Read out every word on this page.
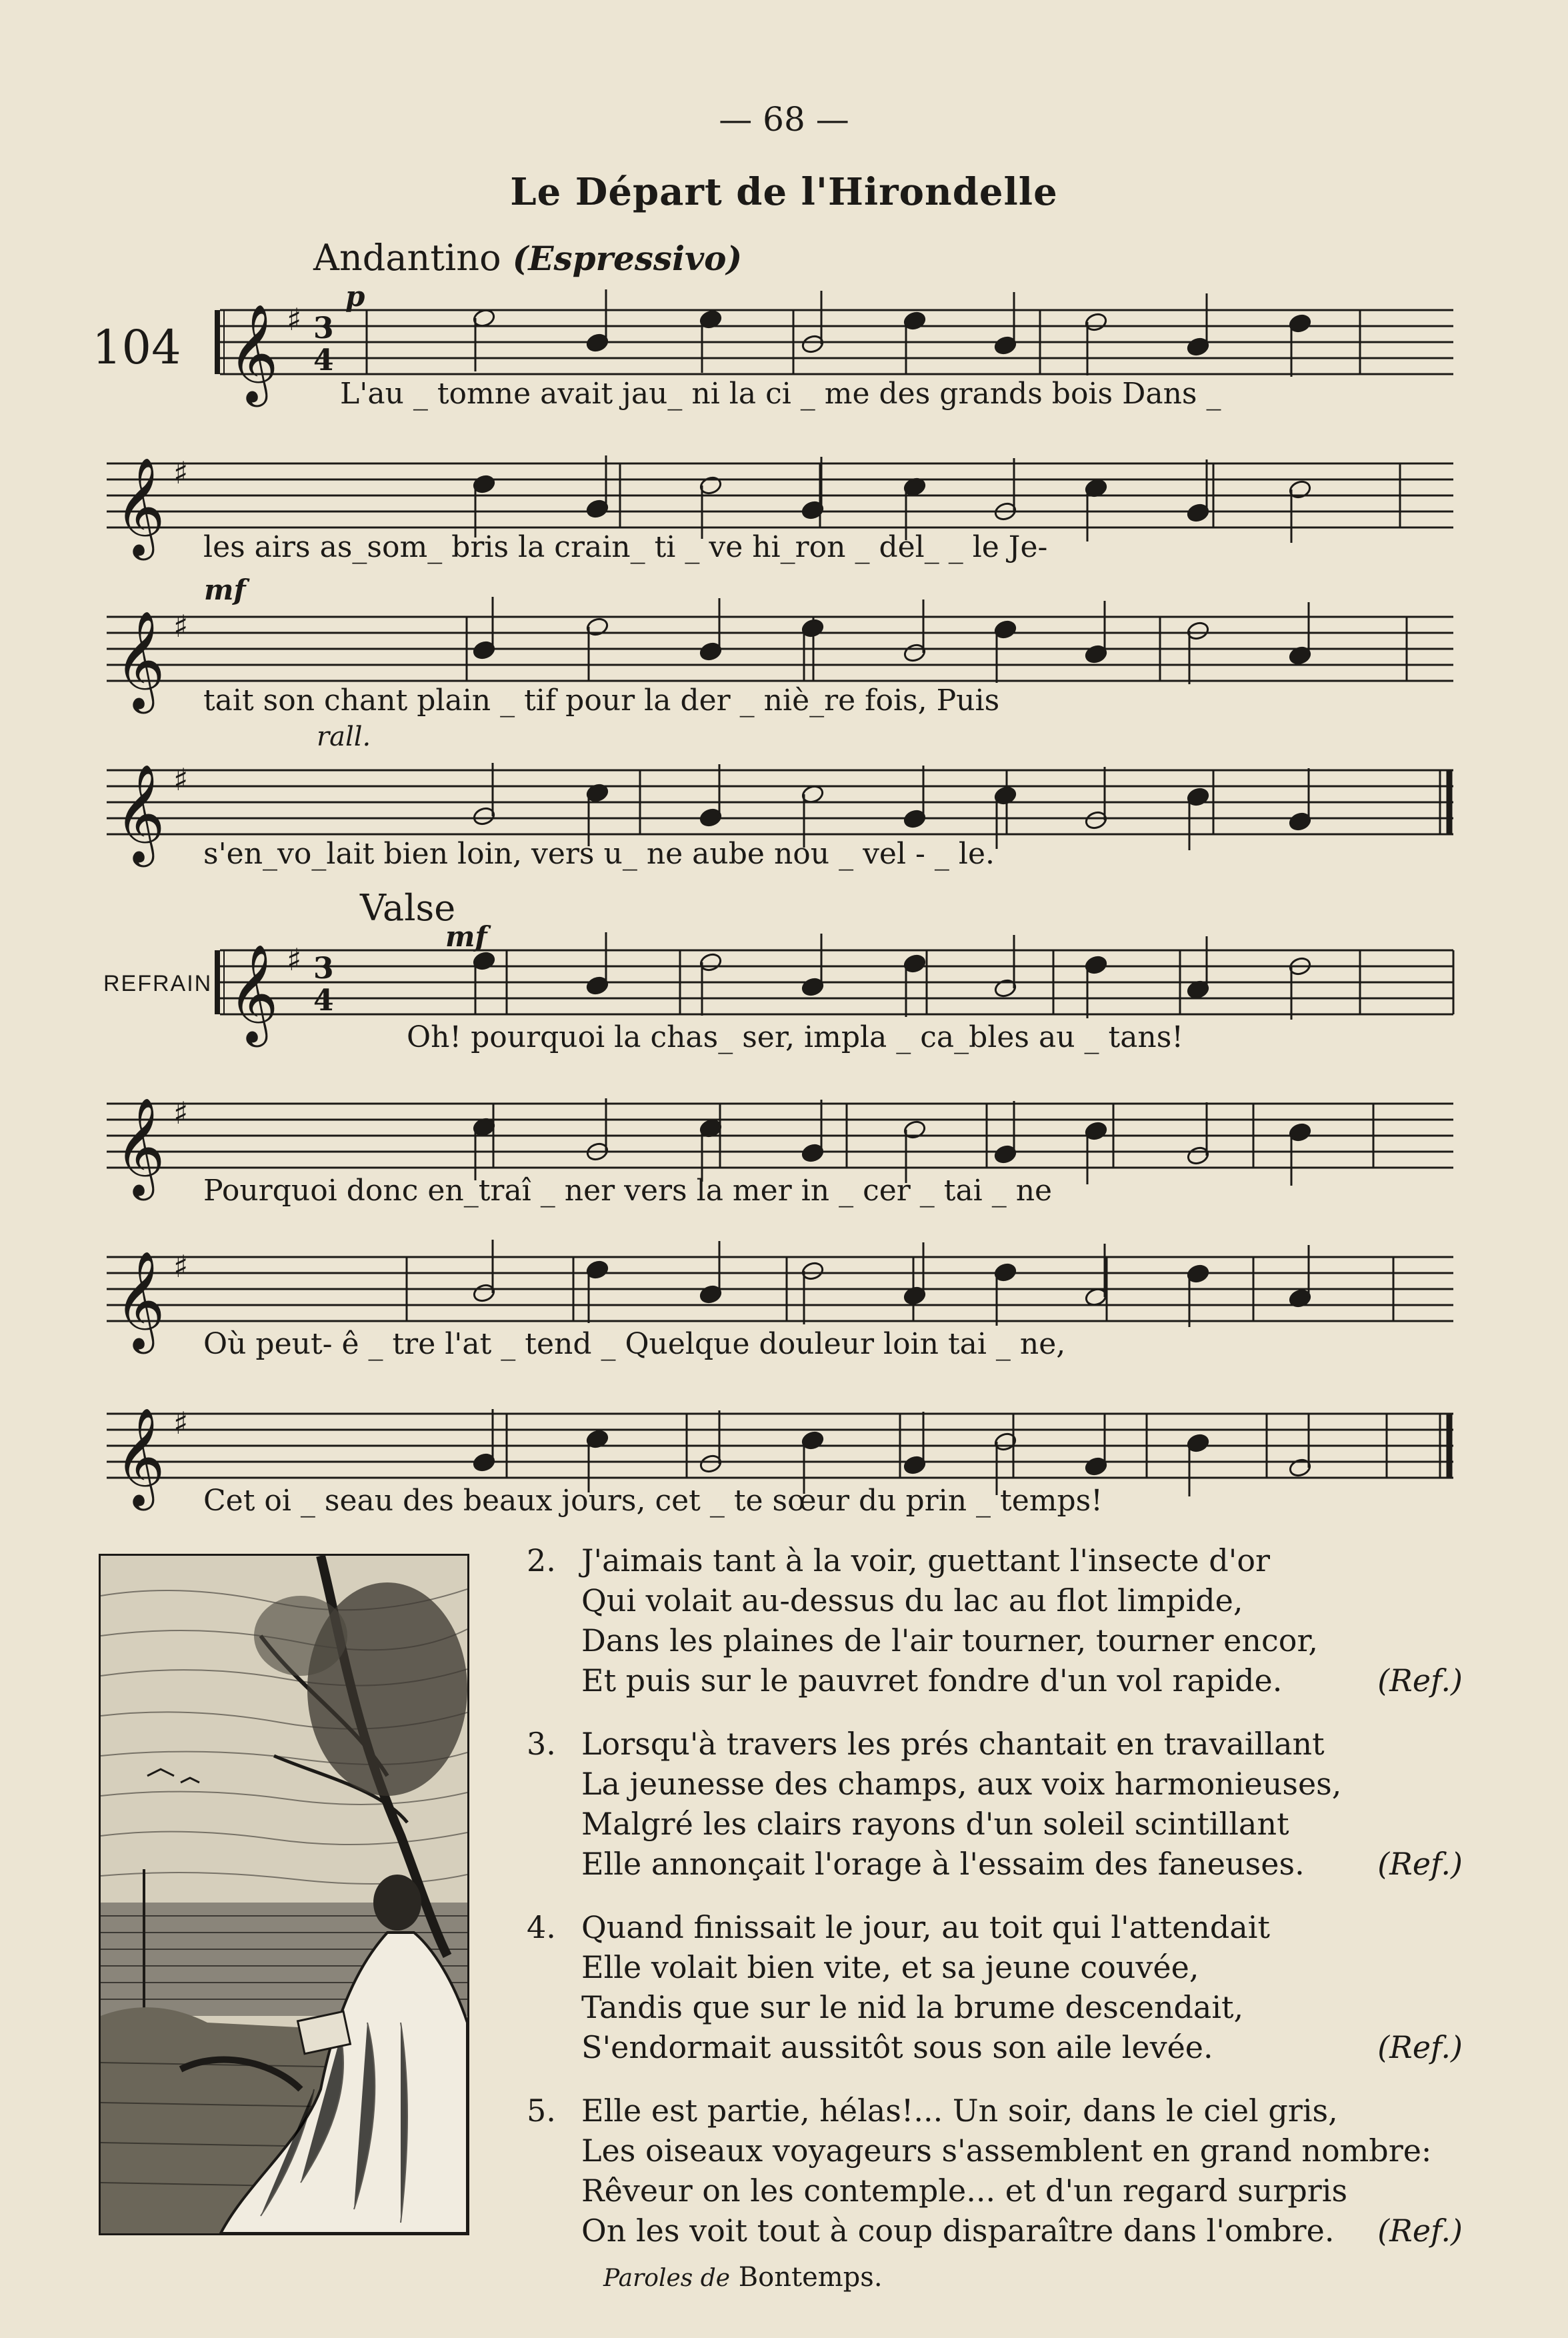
— 68 —
Le Départ de l'Hirondelle
Andantino (Espressivo)
104
p
mf
rall.
Valse
REFRAIN
mf
𝄞 ♯ 3
4
L'au _ tomne avait jau_ ni la ci _ me des grands bois Dans _
𝄞 ♯
les airs as_som_ bris la crain_ ti _ ve hi_ron _ del_ _ le Je-
𝄞 ♯
tait son chant plain _ tif pour la der _ niè_re fois, Puis
𝄞 ♯
s'en_vo_lait bien loin, vers u_ ne aube nou _ vel - _ le.
𝄞 ♯ 3
4
Oh! pourquoi la chas_ ser, impla _ ca_bles au _ tans!
𝄞 ♯
Pourquoi donc en_traî _ ner vers la mer in _ cer _ tai _ ne
𝄞 ♯
Où peut- ê _ tre l'at _ tend _ Quelque douleur loin tai _ ne,
𝄞 ♯
Cet oi _ seau des beaux jours, cet _ te sœur du prin _ temps!
2. J'aimais tant à la voir, guettant l'insecte d'or
Qui volait au-dessus du lac au flot limpide,
Dans les plaines de l'air tourner, tourner encor,
Et puis sur le pauvret fondre d'un vol rapide.	(Ref.)
3. Lorsqu'à travers les prés chantait en travaillant
La jeunesse des champs, aux voix harmonieuses,
Malgré les clairs rayons d'un soleil scintillant
Elle annonçait l'orage à l'essaim des faneuses.	(Ref.)
4. Quand finissait le jour, au toit qui l'attendait
Elle volait bien vite, et sa jeune couvée,
Tandis que sur le nid la brume descendait,
S'endormait aussitôt sous son aile levée.	(Ref.)
5. Elle est partie, hélas!... Un soir, dans le ciel gris,
Les oiseaux voyageurs s'assemblent en grand nombre:
Rêveur on les contemple... et d'un regard surpris
On les voit tout à coup disparaître dans l'ombre.	(Ref.)
Paroles de Bontemps.
